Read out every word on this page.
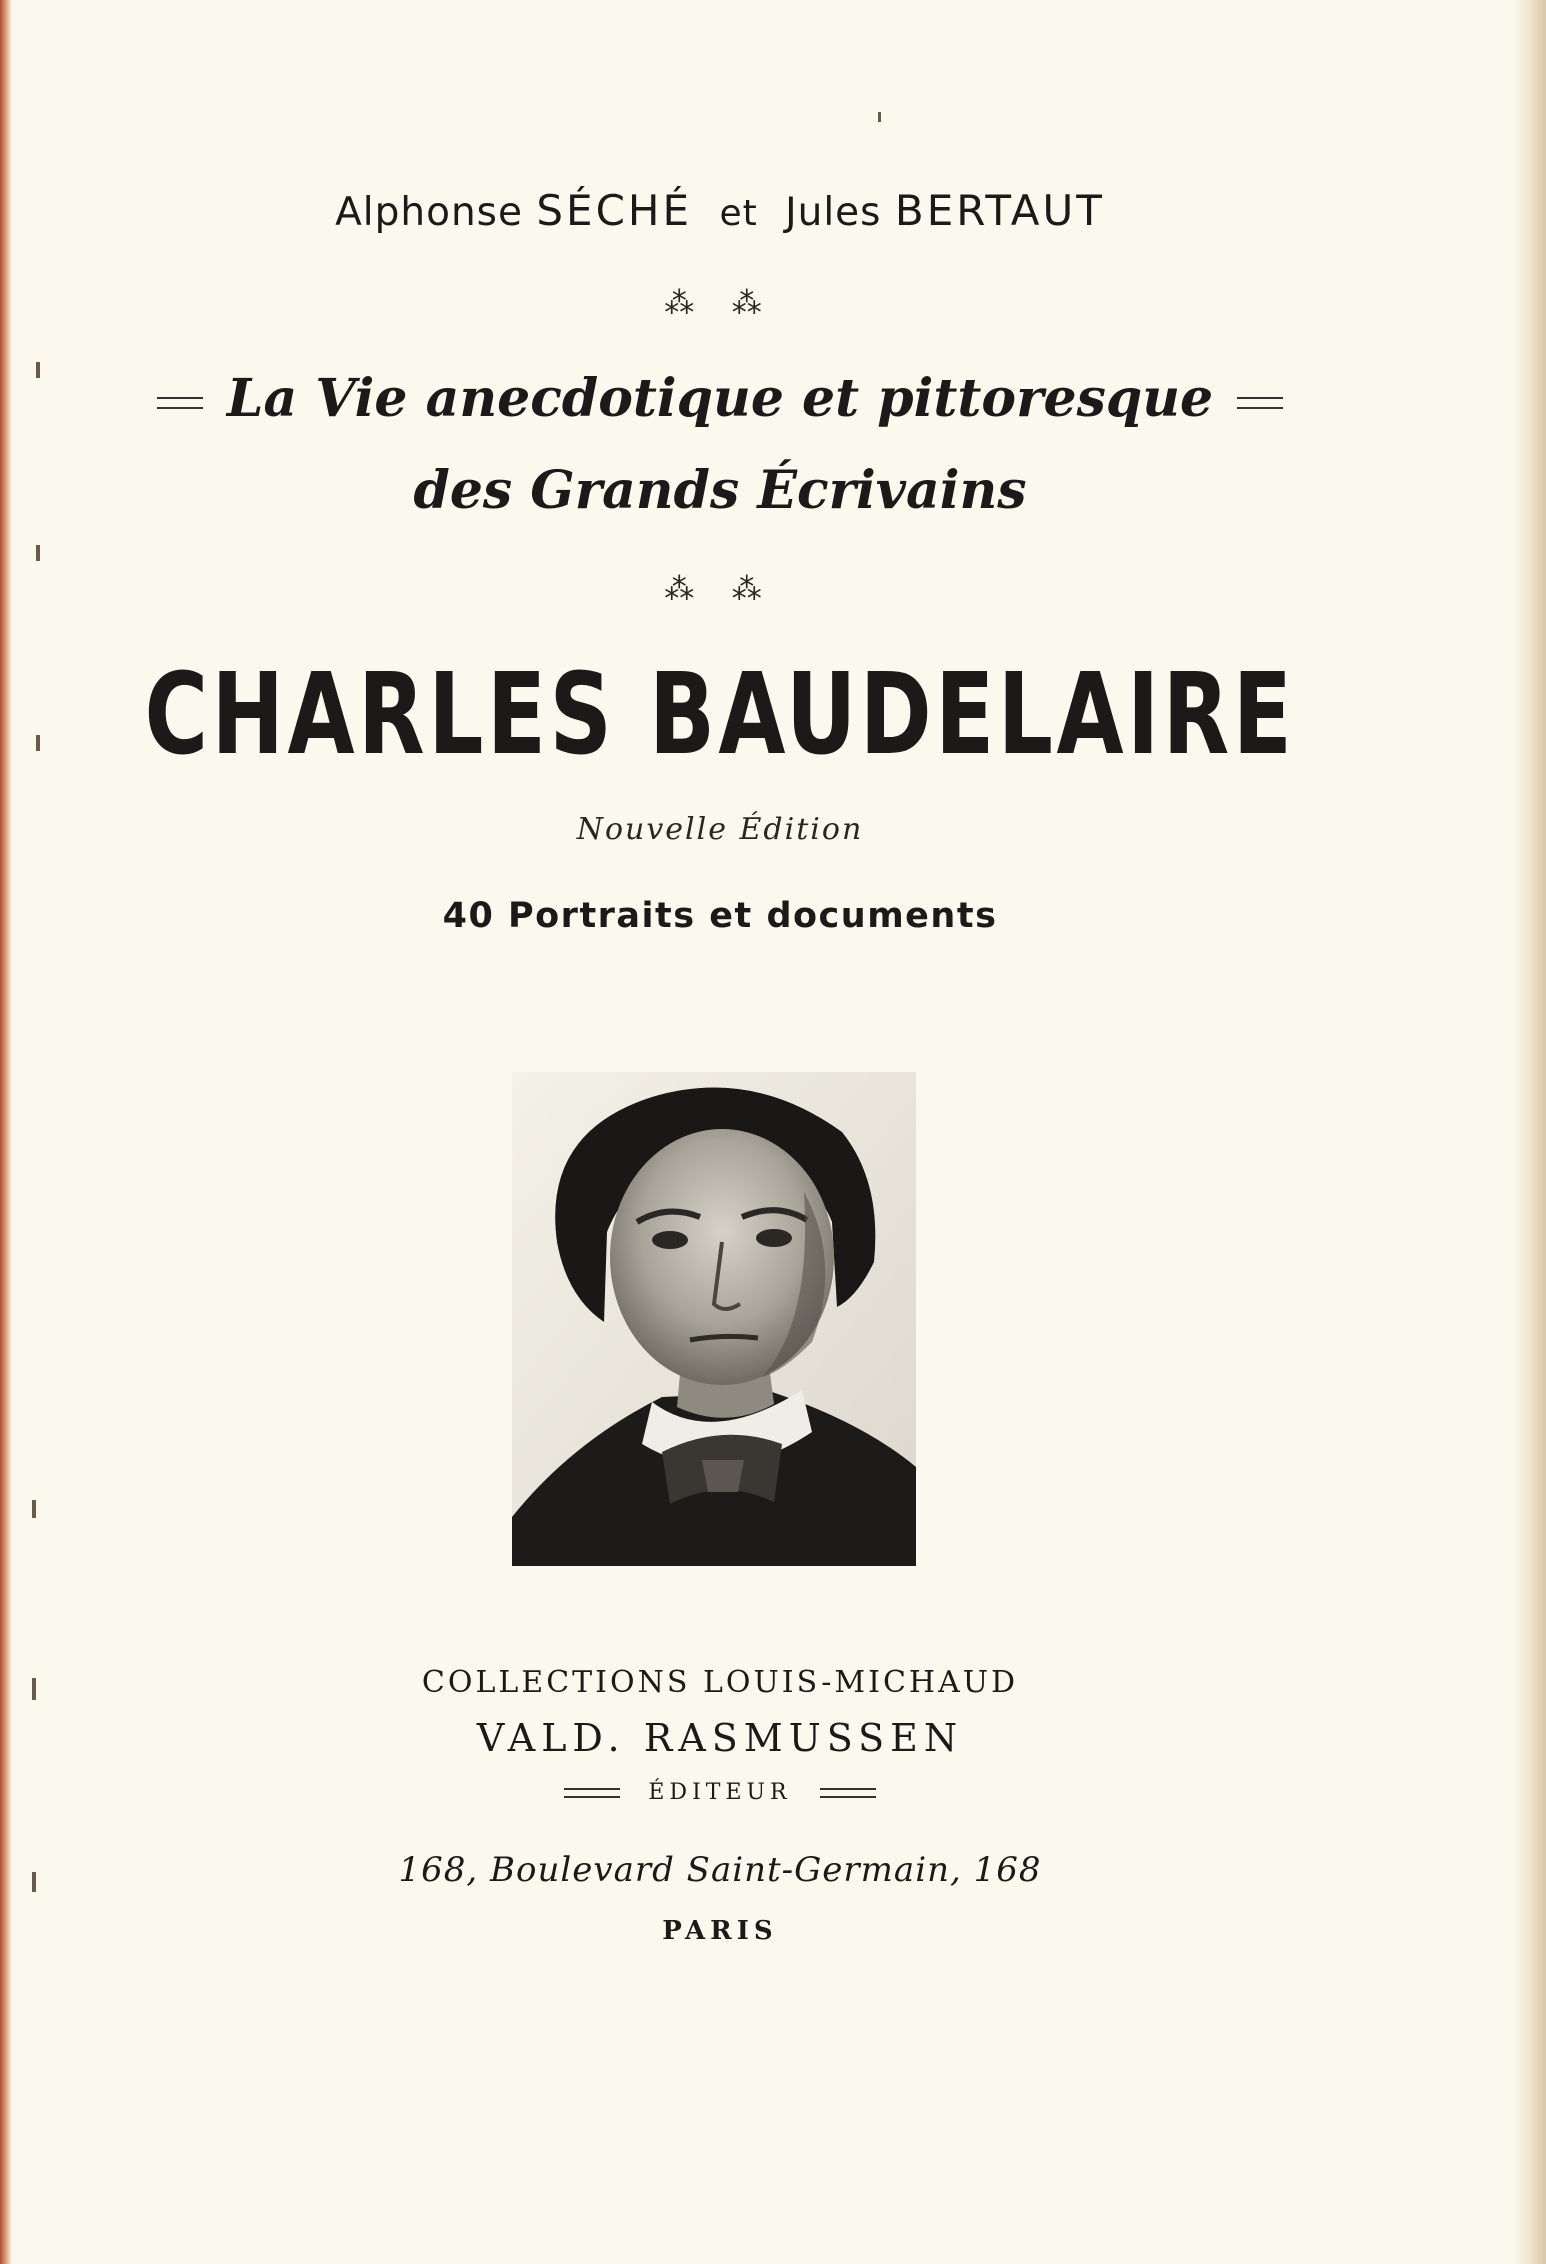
Alphonse SÉCHÉ et Jules BERTAUT
⁂ ⁂
La Vie anecdotique et pittoresque
des Grands Écrivains
⁂ ⁂
CHARLES BAUDELAIRE
Nouvelle Édition
40 Portraits et documents
COLLECTIONS LOUIS-MICHAUD
VALD. RASMUSSEN
ÉDITEUR
168, Boulevard Saint-Germain, 168
PARIS
